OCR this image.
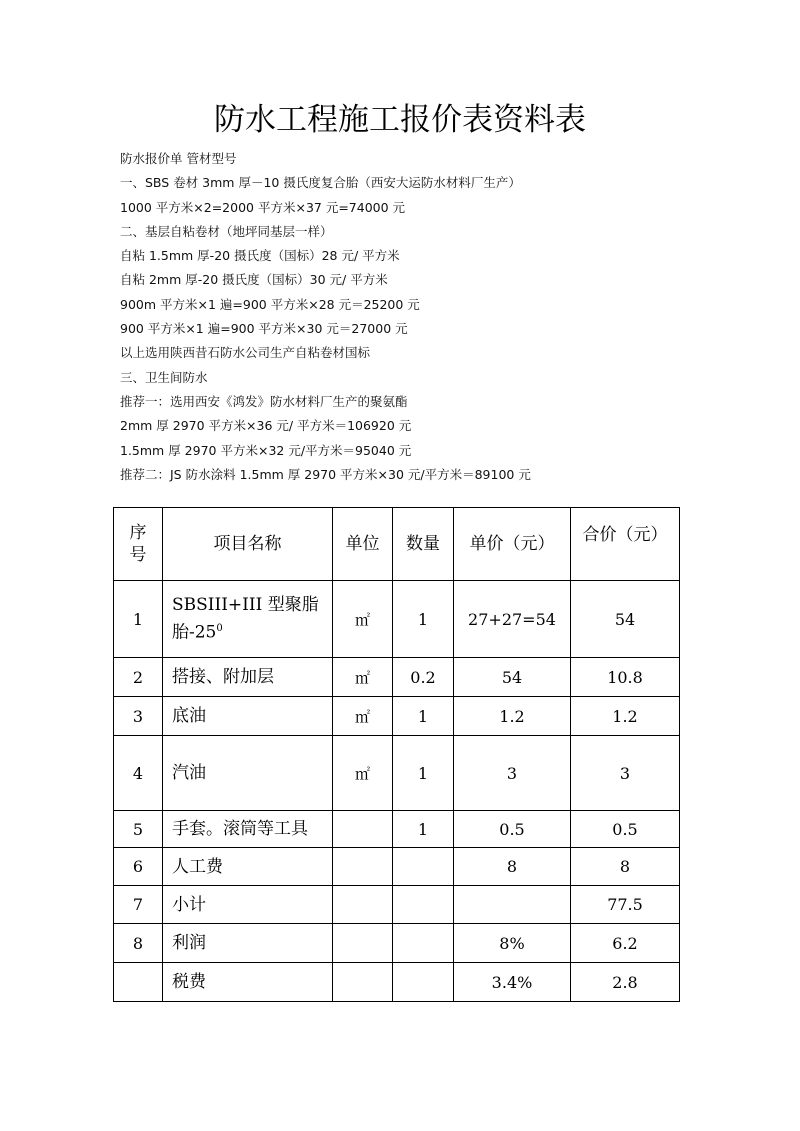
防水工程施工报价表资料表
防水报价单 管材型号
一、SBS 卷材 3mm 厚－10 摄氏度复合胎（西安大运防水材料厂生产）
1000 平方米×2=2000 平方米×37 元=74000 元
二、基层自粘卷材（地坪同基层一样）
自粘 1.5mm 厚-20 摄氏度（国标）28 元/ 平方米
自粘 2mm 厚-20 摄氏度（国标）30 元/ 平方米
900m 平方米×1 遍=900 平方米×28 元＝25200 元
900 平方米×1 遍=900 平方米×30 元＝27000 元
以上选用陕西昔石防水公司生产自粘卷材国标
三、卫生间防水
推荐一：选用西安《鸿发》防水材料厂生产的聚氨酯
2mm 厚 2970 平方米×36 元/ 平方米＝106920 元
1.5mm 厚 2970 平方米×32 元/平方米＝95040 元
推荐二：JS 防水涂料 1.5mm 厚 2970 平方米×30 元/平方米＝89100 元
序
号	项目名称	单位	数量	单价（元）	合价（元）
1	SBSIII+III 型聚脂胎$-25^0$	㎡	1	27+27=54	54
2	搭接、附加层	㎡	0.2	54	10.8
3	底油	㎡	1	1.2	1.2
4	汽油	㎡	1	3	3
5	手套。滚筒等工具		1	0.5	0.5
6	人工费			8	8
7	小计				77.5
8	利润			8%	6.2
	税费			3.4%	2.8
